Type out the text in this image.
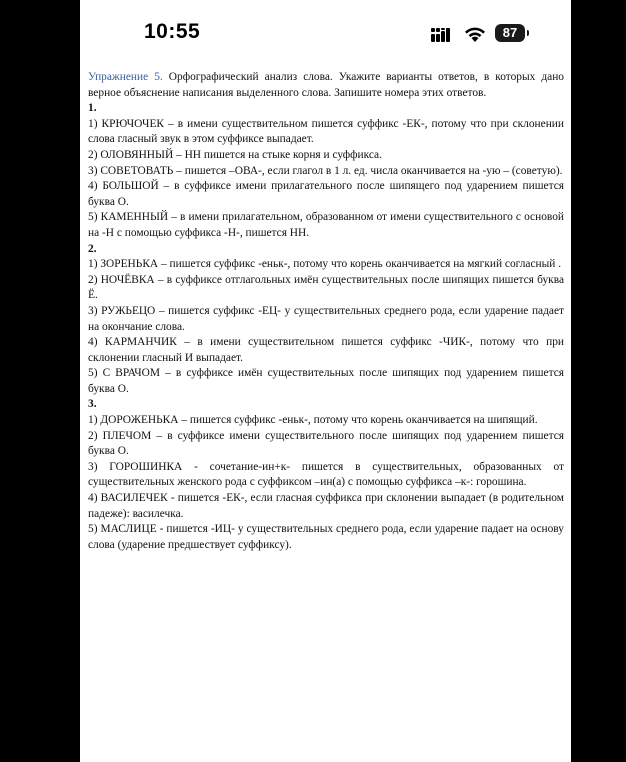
10:55	87

Упражнение 5. Орфографический анализ слова. Укажите варианты ответов, в которых дано верное объяснение написания выделенного слова. Запишите номера этих ответов.

1.

1) КРЮЧОЧЕК – в имени существительном пишется суффикс -ЕК-, потому что при склонении слова гласный звук в этом суффиксе выпадает.

2) ОЛОВЯННЫЙ – НН пишется на стыке корня и суффикса.

3) СОВЕТОВАТЬ – пишется –ОВА-, если глагол в 1 л. ед. числа оканчивается на -ую – (советую).

4) БОЛЬШОЙ – в суффиксе имени прилагательного после шипящего под ударением пишется буква О.

5) КАМЕННЫЙ – в имени прилагательном, образованном от имени существительного с основой на -Н с помощью суффикса -Н-, пишется НН.

2.

1) ЗОРЕНЬКА – пишется суффикс -еньк-, потому что корень оканчивается на мягкий согласный .

2) НОЧЁВКА – в суффиксе отглагольных имён существительных после шипящих пишется буква Ё.

3) РУЖЬЕЦО – пишется суффикс -ЕЦ- у существительных среднего рода, если ударение падает на окончание слова.

4) КАРМАНЧИК – в имени существительном пишется суффикс -ЧИК-, потому что при склонении гласный И выпадает.

5) С ВРАЧОМ – в суффиксе имён существительных после шипящих под ударением пишется буква О.

3.

1) ДОРОЖЕНЬКА – пишется суффикс -еньк-, потому что корень оканчивается на шипящий.

2) ПЛЕЧОМ – в суффиксе имени существительного после шипящих под ударением пишется буква О.

3) ГОРОШИНКА - сочетание-ин+к- пишется в существительных, образованных от существительных женского рода с суффиксом –ин(а) с помощью суффикса –к-: горошина.

4) ВАСИЛЕЧЕК - пишется -ЕК-, если гласная суффикса при склонении выпадает (в родительном падеже): василечка.

5) МАСЛИЦЕ - пишется -ИЦ- у существительных среднего рода, если ударение падает на основу слова (ударение предшествует суффиксу).
